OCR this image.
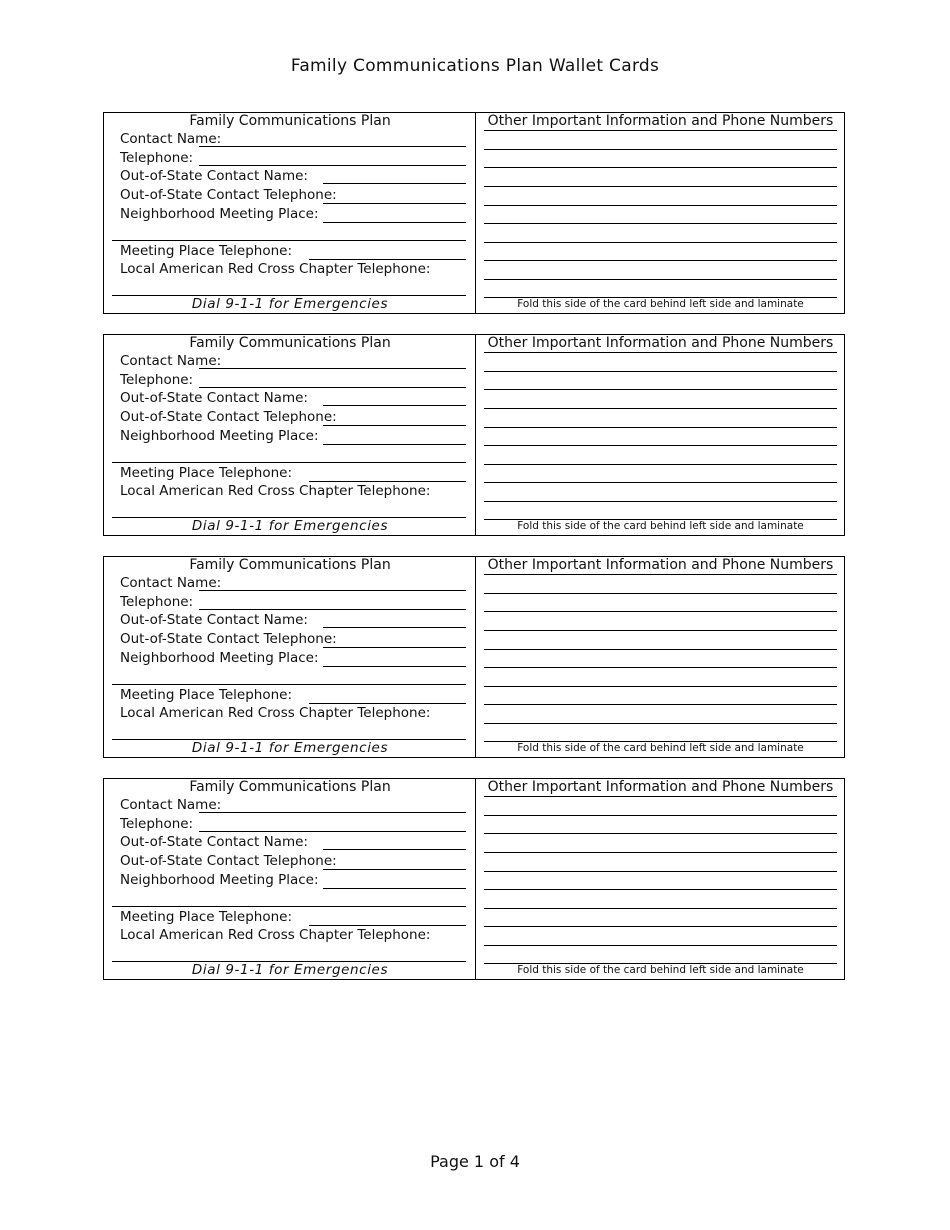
Family Communications Plan Wallet Cards
Family Communications Plan
Contact Name:
Telephone:
Out-of-State Contact Name:
Out-of-State Contact Telephone:
Neighborhood Meeting Place:
Meeting Place Telephone:
Local American Red Cross Chapter Telephone:
Dial 9-1-1 for Emergencies
Other Important Information and Phone Numbers
Fold this side of the card behind left side and laminate
Family Communications Plan
Contact Name:
Telephone:
Out-of-State Contact Name:
Out-of-State Contact Telephone:
Neighborhood Meeting Place:
Meeting Place Telephone:
Local American Red Cross Chapter Telephone:
Dial 9-1-1 for Emergencies
Other Important Information and Phone Numbers
Fold this side of the card behind left side and laminate
Family Communications Plan
Contact Name:
Telephone:
Out-of-State Contact Name:
Out-of-State Contact Telephone:
Neighborhood Meeting Place:
Meeting Place Telephone:
Local American Red Cross Chapter Telephone:
Dial 9-1-1 for Emergencies
Other Important Information and Phone Numbers
Fold this side of the card behind left side and laminate
Family Communications Plan
Contact Name:
Telephone:
Out-of-State Contact Name:
Out-of-State Contact Telephone:
Neighborhood Meeting Place:
Meeting Place Telephone:
Local American Red Cross Chapter Telephone:
Dial 9-1-1 for Emergencies
Other Important Information and Phone Numbers
Fold this side of the card behind left side and laminate
Page 1 of 4
